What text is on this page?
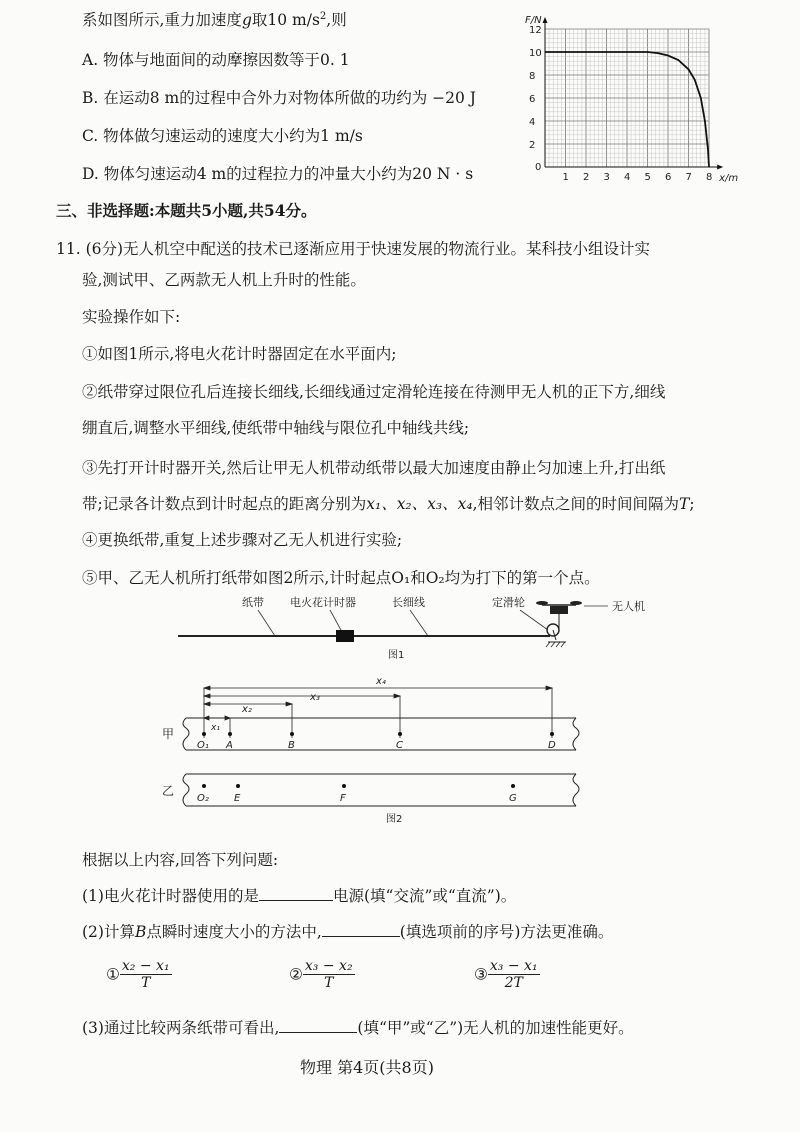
系如图所示,重力加速度g取10 $m/s^2$,则
A. 物体与地面间的动摩擦因数等于0. 1
B. 在运动8 m的过程中合外力对物体所做的功约为 −20 J
C. 物体做匀速运动的速度大小约为1 m/s
D. 物体匀速运动4 m的过程拉力的冲量大小约为20 N · s	0
1 2 3 4 5 6 7 8
2
4
6
8
10
12
F/N
x/m
三、非选择题:本题共5小题,共54分。
11. (6分)无人机空中配送的技术已逐渐应用于快速发展的物流行业。某科技小组设计实
验,测试甲、乙两款无人机上升时的性能。
实验操作如下:
①如图1所示,将电火花计时器固定在水平面内;
②纸带穿过限位孔后连接长细线,长细线通过定滑轮连接在待测甲无人机的正下方,细线
绷直后,调整水平细线,使纸带中轴线与限位孔中轴线共线;
③先打开计时器开关,然后让甲无人机带动纸带以最大加速度由静止匀加速上升,打出纸
带;记录各计数点到计时起点的距离分别为x₁、x₂、x₃、x₄,相邻计数点之间的时间间隔为T;
④更换纸带,重复上述步骤对乙无人机进行实验;
⑤甲、乙无人机所打纸带如图2所示,计时起点O₁和O₂均为打下的第一个点。
纸带 电火花计时器	长细线	定滑轮	无人机
图1
x₄
x₃
x₂
x₁
甲
O₁ A	B	C	D
乙
O₂	E	F	G
图2
根据以上内容,回答下列问题:
(1)电火花计时器使用的是	电源(填“交流”或“直流”)。
(2)计算B点瞬时速度大小的方法中,	(填选项前的序号)方法更准确。
① $\frac{\text{x₂ − x₁}}{T}$	② $\frac{\text{x₃ − x₂}}{T}$	③ $\frac{\text{x₃ − x₁}}{2T}$
(3)通过比较两条纸带可看出,	(填“甲”或“乙”)无人机的加速性能更好。
物理 第4页(共8页)
